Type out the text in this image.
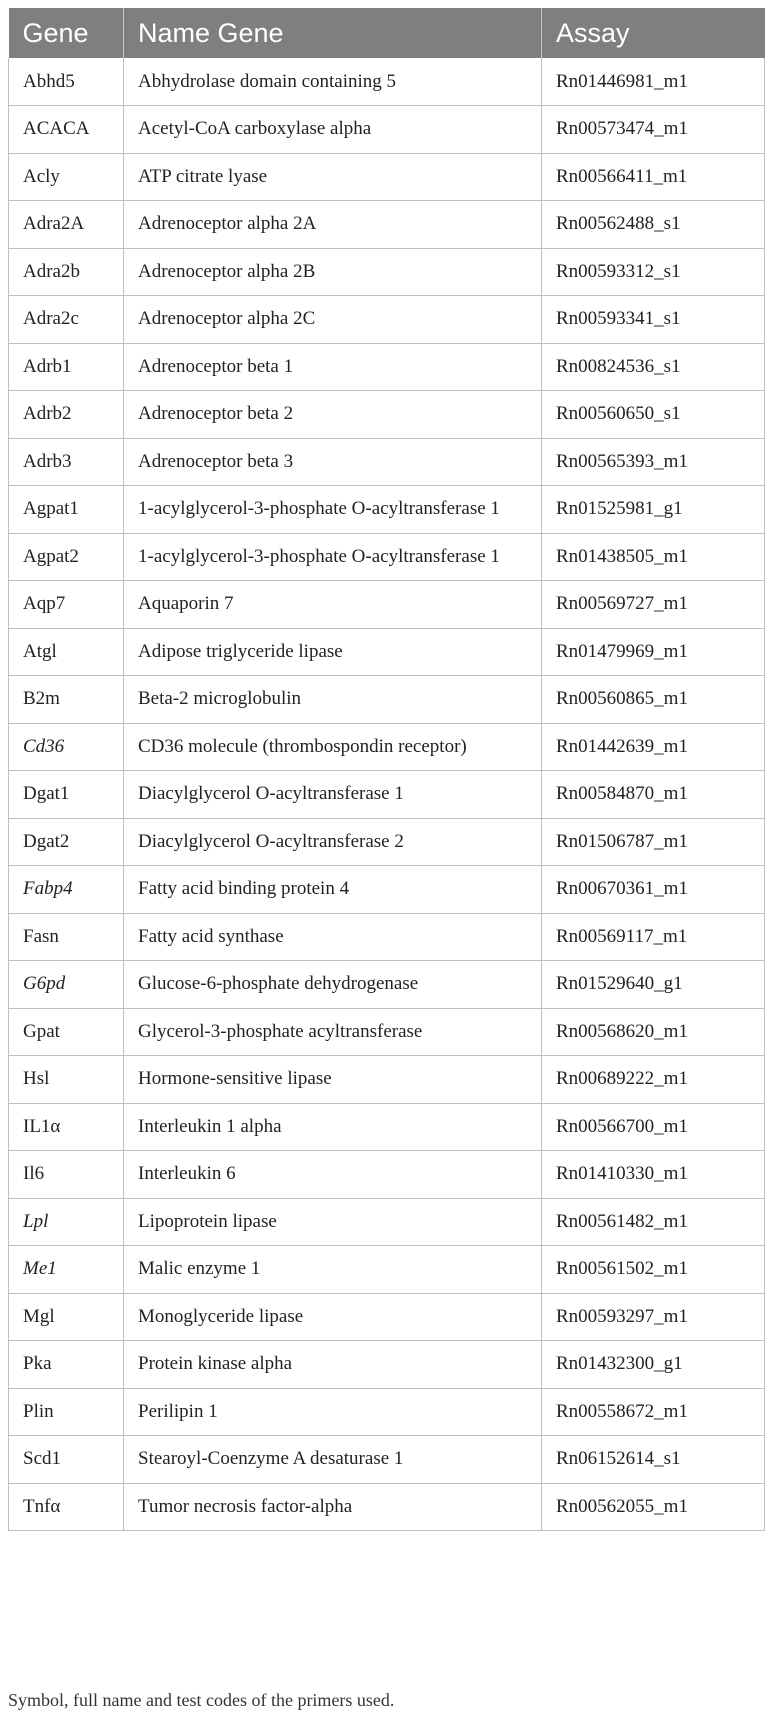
Gene	Name Gene	Assay
Abhd5	Abhydrolase domain containing 5	Rn01446981_m1
ACACA	Acetyl-CoA carboxylase alpha	Rn00573474_m1
Acly	ATP citrate lyase	Rn00566411_m1
Adra2A	Adrenoceptor alpha 2A	Rn00562488_s1
Adra2b	Adrenoceptor alpha 2B	Rn00593312_s1
Adra2c	Adrenoceptor alpha 2C	Rn00593341_s1
Adrb1	Adrenoceptor beta 1	Rn00824536_s1
Adrb2	Adrenoceptor beta 2	Rn00560650_s1
Adrb3	Adrenoceptor beta 3	Rn00565393_m1
Agpat1	1-acylglycerol-3-phosphate O-acyltransferase 1	Rn01525981_g1
Agpat2	1-acylglycerol-3-phosphate O-acyltransferase 1	Rn01438505_m1
Aqp7	Aquaporin 7	Rn00569727_m1
Atgl	Adipose triglyceride lipase	Rn01479969_m1
B2m	Beta-2 microglobulin	Rn00560865_m1
Cd36	CD36 molecule (thrombospondin receptor)	Rn01442639_m1
Dgat1	Diacylglycerol O-acyltransferase 1	Rn00584870_m1
Dgat2	Diacylglycerol O-acyltransferase 2	Rn01506787_m1
Fabp4	Fatty acid binding protein 4	Rn00670361_m1
Fasn	Fatty acid synthase	Rn00569117_m1
G6pd	Glucose-6-phosphate dehydrogenase	Rn01529640_g1
Gpat	Glycerol-3-phosphate acyltransferase	Rn00568620_m1
Hsl	Hormone-sensitive lipase	Rn00689222_m1
IL1α	Interleukin 1 alpha	Rn00566700_m1
Il6	Interleukin 6	Rn01410330_m1
Lpl	Lipoprotein lipase	Rn00561482_m1
Me1	Malic enzyme 1	Rn00561502_m1
Mgl	Monoglyceride lipase	Rn00593297_m1
Pka	Protein kinase alpha	Rn01432300_g1
Plin	Perilipin 1	Rn00558672_m1
Scd1	Stearoyl-Coenzyme A desaturase 1	Rn06152614_s1
Tnfα	Tumor necrosis factor-alpha	Rn00562055_m1
Symbol, full name and test codes of the primers used.
